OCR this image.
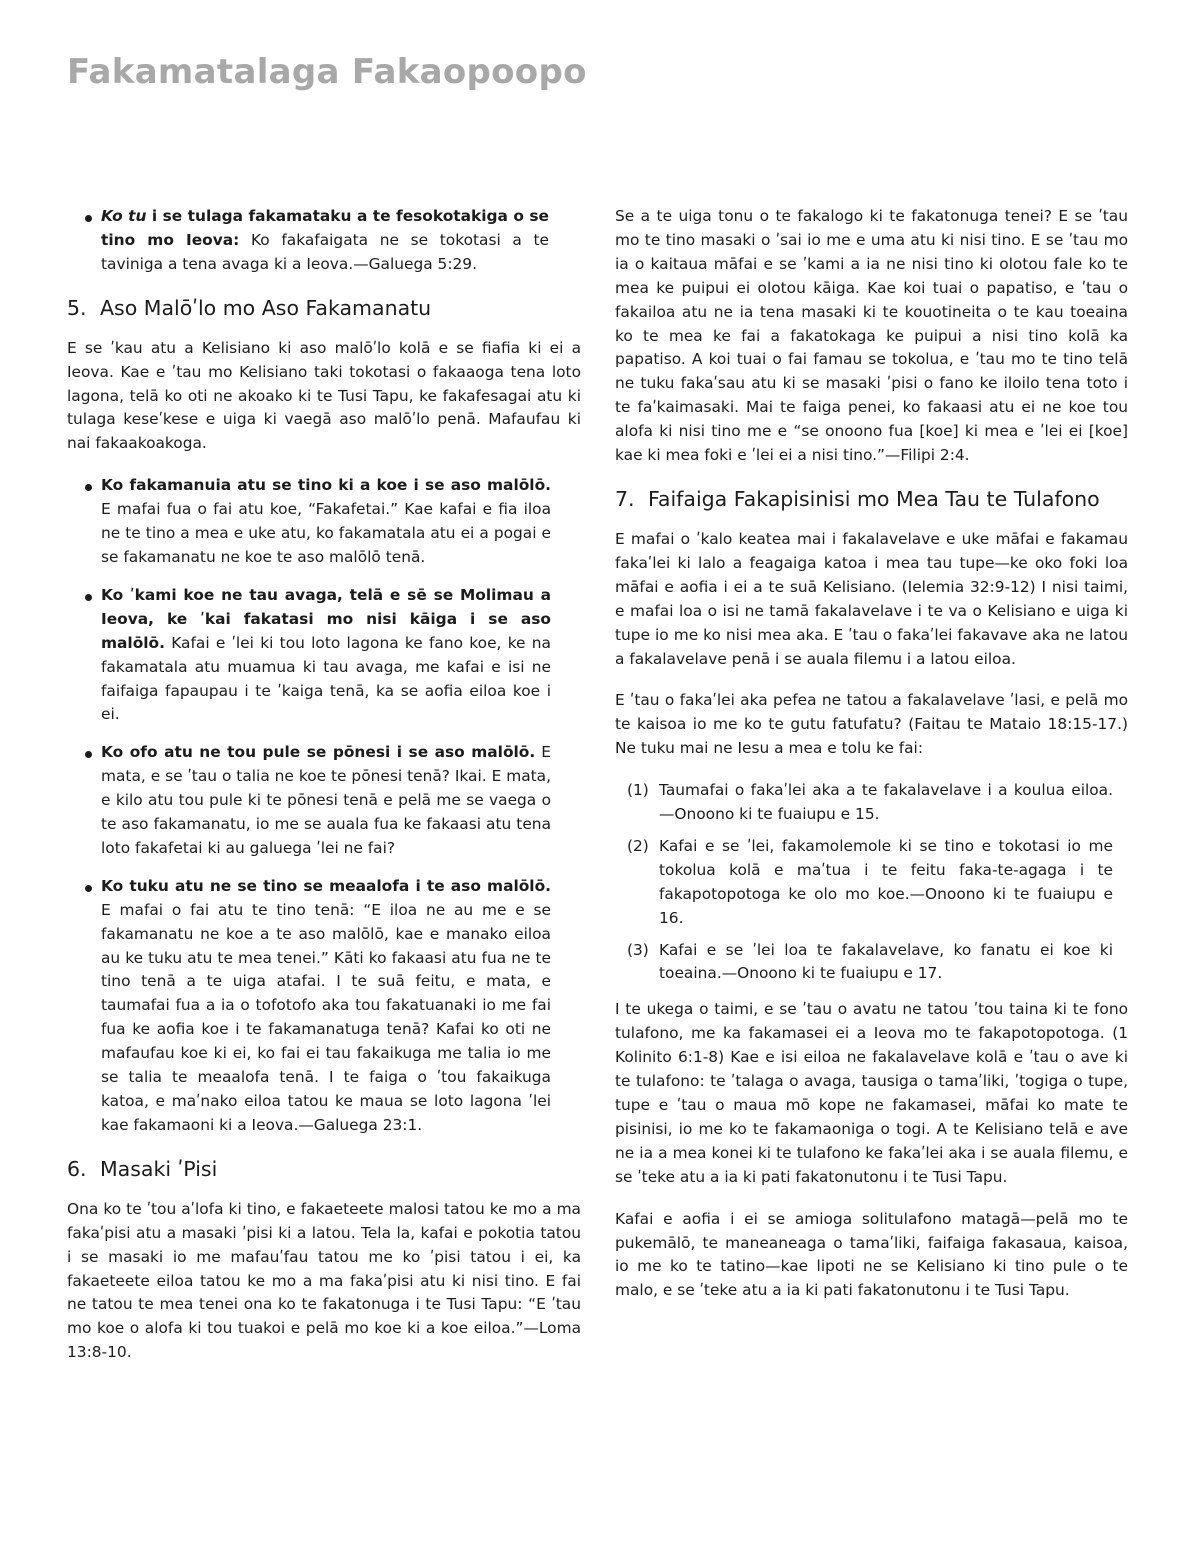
Fakamatalaga Fakaopoopo
Ko tu i se tulaga fakamataku a te fesokotakiga o se tino mo Ieova: Ko fakafaigata ne se tokotasi a te taviniga a tena avaga ki a Ieova.—Galuega 5:29.
5. Aso Malōʹlo mo Aso Fakamanatu

E se ʹkau atu a Kelisiano ki aso malōʹlo kolā e se fiafia ki ei a Ieova. Kae e ʹtau mo Kelisiano taki tokotasi o fakaaoga tena loto lagona, telā ko oti ne akoako ki te Tusi Tapu, ke fakafesagai atu ki tulaga keseʹkese e uiga ki vaegā aso malōʹlo penā. Mafaufau ki nai fakaakoakoga.

Ko fakamanuia atu se tino ki a koe i se aso malōlō. E mafai fua o fai atu koe, “Fakafetai.” Kae kafai e fia iloa ne te tino a mea e uke atu, ko fakamatala atu ei a pogai e se fakamanatu ne koe te aso malōlō tenā.
Ko ʹkami koe ne tau avaga, telā e sē se Molimau a Ieova, ke ʹkai fakatasi mo nisi kāiga i se aso malōlō. Kafai e ʹlei ki tou loto lagona ke fano koe, ke na fakamatala atu muamua ki tau avaga, me kafai e isi ne faifaiga fapaupau i te ʹkaiga tenā, ka se aofia eiloa koe i ei.
Ko ofo atu ne tou pule se pōnesi i se aso malōlō. E mata, e se ʹtau o talia ne koe te pōnesi tenā? Ikai. E mata, e kilo atu tou pule ki te pōnesi tenā e pelā me se vaega o te aso fakamanatu, io me se auala fua ke fakaasi atu tena loto fakafetai ki au galuega ʹlei ne fai?
Ko tuku atu ne se tino se meaalofa i te aso malōlō. E mafai o fai atu te tino tenā: “E iloa ne au me e se fakamanatu ne koe a te aso malōlō, kae e manako eiloa au ke tuku atu te mea tenei.” Kāti ko fakaasi atu fua ne te tino tenā a te uiga atafai. I te suā feitu, e mata, e taumafai fua a ia o tofotofo aka tou fakatuanaki io me fai fua ke aofia koe i te fakamanatuga tenā? Kafai ko oti ne mafaufau koe ki ei, ko fai ei tau fakaikuga me talia io me se talia te meaalofa tenā. I te faiga o ʹtou fakaikuga katoa, e maʹnako eiloa tatou ke maua se loto lagona ʹlei kae fakamaoni ki a Ieova.—Galuega 23:1.
6. Masaki ʹPisi

Ona ko te ʹtou aʹlofa ki tino, e fakaeteete malosi tatou ke mo a ma fakaʹpisi atu a masaki ʹpisi ki a latou. Tela la, kafai e pokotia tatou i se masaki io me mafauʹfau tatou me ko ʹpisi tatou i ei, ka fakaeteete eiloa tatou ke mo a ma fakaʹpisi atu ki nisi tino. E fai ne tatou te mea tenei ona ko te fakatonuga i te Tusi Tapu: “E ʹtau mo koe o alofa ki tou tuakoi e pelā mo koe ki a koe eiloa.”—Loma 13:8-10.

Se a te uiga tonu o te fakalogo ki te fakatonuga tenei? E se ʹtau mo te tino masaki o ʹsai io me e uma atu ki nisi tino. E se ʹtau mo ia o kaitaua māfai e se ʹkami a ia ne nisi tino ki olotou fale ko te mea ke puipui ei olotou kāiga. Kae koi tuai o papatiso, e ʹtau o fakailoa atu ne ia tena masaki ki te kouotineita o te kau toeaina ko te mea ke fai a fakatokaga ke puipui a nisi tino kolā ka papatiso. A koi tuai o fai famau se tokolua, e ʹtau mo te tino telā ne tuku fakaʹsau atu ki se masaki ʹpisi o fano ke iloilo tena toto i te faʹkaimasaki. Mai te faiga penei, ko fakaasi atu ei ne koe tou alofa ki nisi tino me e “se onoono fua [koe] ki mea e ʹlei ei [koe] kae ki mea foki e ʹlei ei a nisi tino.”—Filipi 2:4.

7. Faifaiga Fakapisinisi mo Mea Tau te Tulafono

E mafai o ʹkalo keatea mai i fakalavelave e uke māfai e fakamau fakaʹlei ki lalo a feagaiga katoa i mea tau tupe—ke oko foki loa māfai e aofia i ei a te suā Kelisiano. (Ielemia 32:9-12) I nisi taimi, e mafai loa o isi ne tamā fakalavelave i te va o Kelisiano e uiga ki tupe io me ko nisi mea aka. E ʹtau o fakaʹlei fakavave aka ne latou a fakalavelave penā i se auala filemu i a latou eiloa.

E ʹtau o fakaʹlei aka pefea ne tatou a fakalavelave ʹlasi, e pelā mo te kaisoa io me ko te gutu fatufatu? (Faitau te Mataio 18:15-17.) Ne tuku mai ne Iesu a mea e tolu ke fai:

(1) Taumafai o fakaʹlei aka a te fakalavelave i a koulua eiloa. —Onoono ki te fuaiupu e 15.
(2) Kafai e se ʹlei, fakamolemole ki se tino e tokotasi io me tokolua kolā e maʹtua i te feitu faka-te-agaga i te fakapotopotoga ke olo mo koe.—Onoono ki te fuaiupu e 16.
(3) Kafai e se ʹlei loa te fakalavelave, ko fanatu ei koe ki toeaina.—Onoono ki te fuaiupu e 17.

I te ukega o taimi, e se ʹtau o avatu ne tatou ʹtou taina ki te fono tulafono, me ka fakamasei ei a Ieova mo te fakapotopotoga. (1 Kolinito 6:1-8) Kae e isi eiloa ne fakalavelave kolā e ʹtau o ave ki te tulafono: te ʹtalaga o avaga, tausiga o tamaʹliki, ʹtogiga o tupe, tupe e ʹtau o maua mō kope ne fakamasei, māfai ko mate te pisinisi, io me ko te fakamaoniga o togi. A te Kelisiano telā e ave ne ia a mea konei ki te tulafono ke fakaʹlei aka i se auala filemu, e se ʹteke atu a ia ki pati fakatonutonu i te Tusi Tapu.

Kafai e aofia i ei se amioga solitulafono matagā—pelā mo te pukemālō, te maneaneaga o tamaʹliki, faifaiga fakasaua, kaisoa, io me ko te tatino—kae lipoti ne se Kelisiano ki tino pule o te malo, e se ʹteke atu a ia ki pati fakatonutonu i te Tusi Tapu.
